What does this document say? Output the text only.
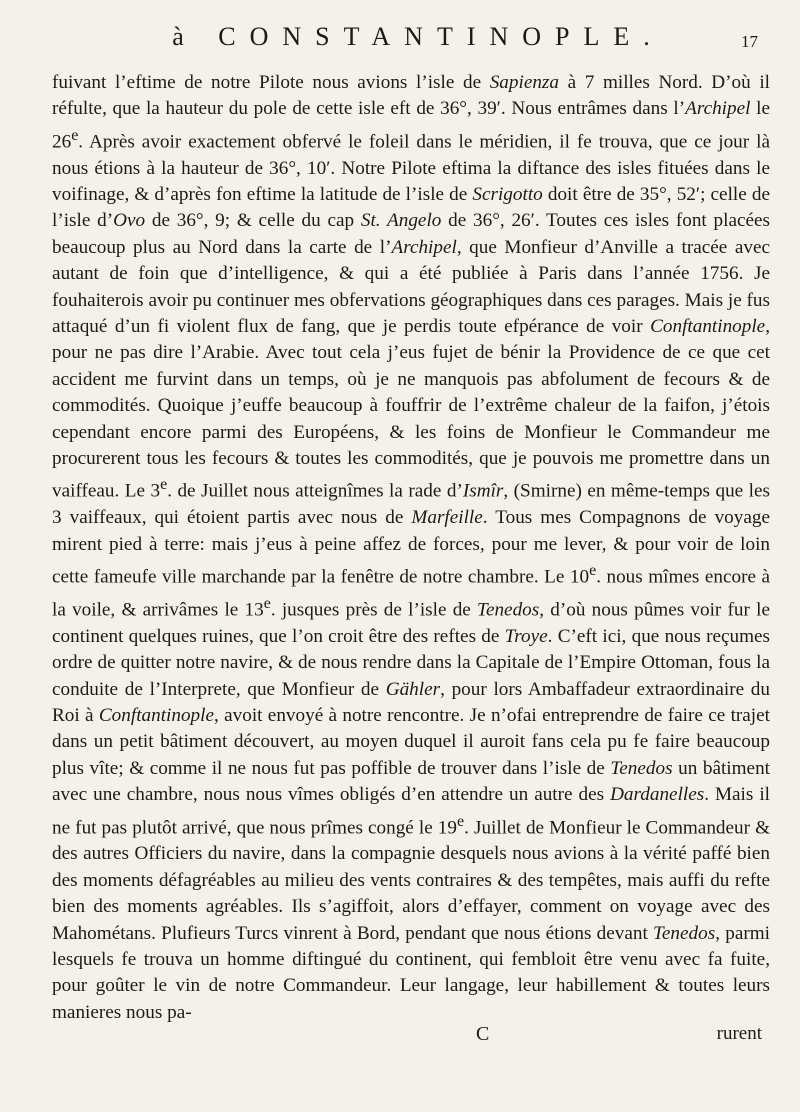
à CONSTANTINOPLE.	17
fuivant l’eftime de notre Pilote nous avions l’isle de Sapienza à 7 milles Nord. D’où il réfulte, que la hauteur du pole de cette isle eft de 36°, 39′. Nous entrâmes dans l’Archipel le 26e. Après avoir exactement obfervé le foleil dans le méridien, il fe trouva, que ce jour là nous étions à la hauteur de 36°, 10′. Notre Pilote eftima la diftance des isles fituées dans le voifinage, & d’après fon eftime la latitude de l’isle de Scrigotto doit être de 35°, 52′; celle de l’isle d’Ovo de 36°, 9; & celle du cap St. Angelo de 36°, 26′. Toutes ces isles font placées beaucoup plus au Nord dans la carte de l’Archipel, que Monfieur d’Anville a tracée avec autant de foin que d’intelligence, & qui a été publiée à Paris dans l’année 1756. Je fouhaiterois avoir pu continuer mes obfervations géographiques dans ces parages. Mais je fus attaqué d’un fi violent flux de fang, que je perdis toute efpérance de voir Conftantinople, pour ne pas dire l’Arabie. Avec tout cela j’eus fujet de bénir la Providence de ce que cet accident me furvint dans un temps, où je ne manquois pas abfolument de fecours & de commodités. Quoique j’euffe beaucoup à fouffrir de l’extrême chaleur de la faifon, j’étois cependant encore parmi des Européens, & les foins de Monfieur le Commandeur me procurerent tous les fecours & toutes les commodités, que je pouvois me promettre dans un vaiffeau. Le 3e. de Juillet nous atteignîmes la rade d’Ismîr, (Smirne) en même-temps que les 3 vaiffeaux, qui étoient partis avec nous de Marfeille. Tous mes Compagnons de voyage mirent pied à terre: mais j’eus à peine affez de forces, pour me lever, & pour voir de loin cette fameufe ville marchande par la fenêtre de notre chambre. Le 10e. nous mîmes encore à la voile, & arrivâmes le 13e. jusques près de l’isle de Tenedos, d’où nous pûmes voir fur le continent quelques ruines, que l’on croit être des reftes de Troye. C’eft ici, que nous reçumes ordre de quitter notre navire, & de nous rendre dans la Capitale de l’Empire Ottoman, fous la conduite de l’Interprete, que Monfieur de Gähler, pour lors Ambaffadeur extraordinaire du Roi à Conftantinople, avoit envoyé à notre rencontre. Je n’ofai entreprendre de faire ce trajet dans un petit bâtiment découvert, au moyen duquel il auroit fans cela pu fe faire beaucoup plus vîte; & comme il ne nous fut pas poffible de trouver dans l’isle de Tenedos un bâtiment avec une chambre, nous nous vîmes obligés d’en attendre un autre des Dardanelles. Mais il ne fut pas plutôt arrivé, que nous prîmes congé le 19e. Juillet de Monfieur le Commandeur & des autres Officiers du navire, dans la compagnie desquels nous avions à la vérité paffé bien des moments défagréables au milieu des vents contraires & des tempêtes, mais auffi du refte bien des moments agréables. Ils s’agiffoit, alors d’effayer, comment on voyage avec des Mahométans. Plufieurs Turcs vinrent à Bord, pendant que nous étions devant Tenedos, parmi lesquels fe trouva un homme diftingué du continent, qui fembloit être venu avec fa fuite, pour goûter le vin de notre Commandeur. Leur langage, leur habillement & toutes leurs manieres nous pa-
C	rurent
